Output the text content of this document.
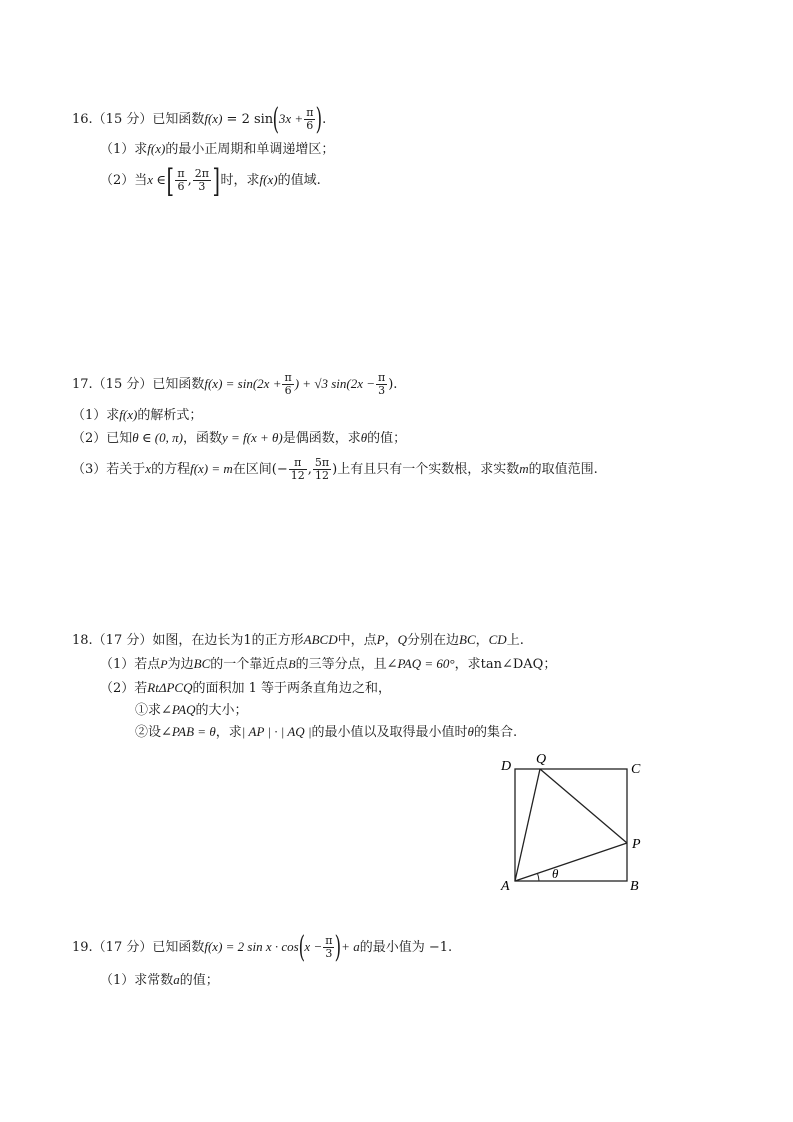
16.（15 分）已知函数f(x) = 2 $\sin(3x + \frac{\pi}{6}$ ).
（1）求f(x)的最小正周期和单调递增区；
（2）当x ∈[ $\frac{\pi}{6}$ , $\frac{2\pi}{3}$ ]时，求f(x)的值域.
17.（15 分）已知函数$f(x) = \sin(2x + \frac{\pi}{6}$ ) + √3 $\sin(2x - \frac{\pi}{3}$ ).
（1）求f(x)的解析式；
（2）已知θ ∈ (0, π)，函数y = f(x + θ)是偶函数，求θ的值；
（3）若关于x的方程f(x) = m在区间(− $\frac{\pi}{12}$ , $\frac{5\pi}{12}$ )上有且只有一个实数根，求实数m的取值范围.
18.（17 分）如图，在边长为1的正方形ABCD中，点P，Q分别在边BC，CD上.
（1）若点P为边BC的一个靠近点B的三等分点，且∠PAQ = 60°，求tan∠DAQ；
（2）若RtΔPCQ的面积加 1 等于两条直角边之和，
①求∠PAQ的大小；
②设∠PAB = θ，求| AP | · | AQ |的最小值以及取得最小值时θ的集合.
D Q
C
P
A	B
θ
19.（17 分）已知函数f(x) = 2 $\sin x \cdot \cos(x - \frac{\pi}{3}$ )+ a的最小值为 −1.
（1）求常数a的值；
